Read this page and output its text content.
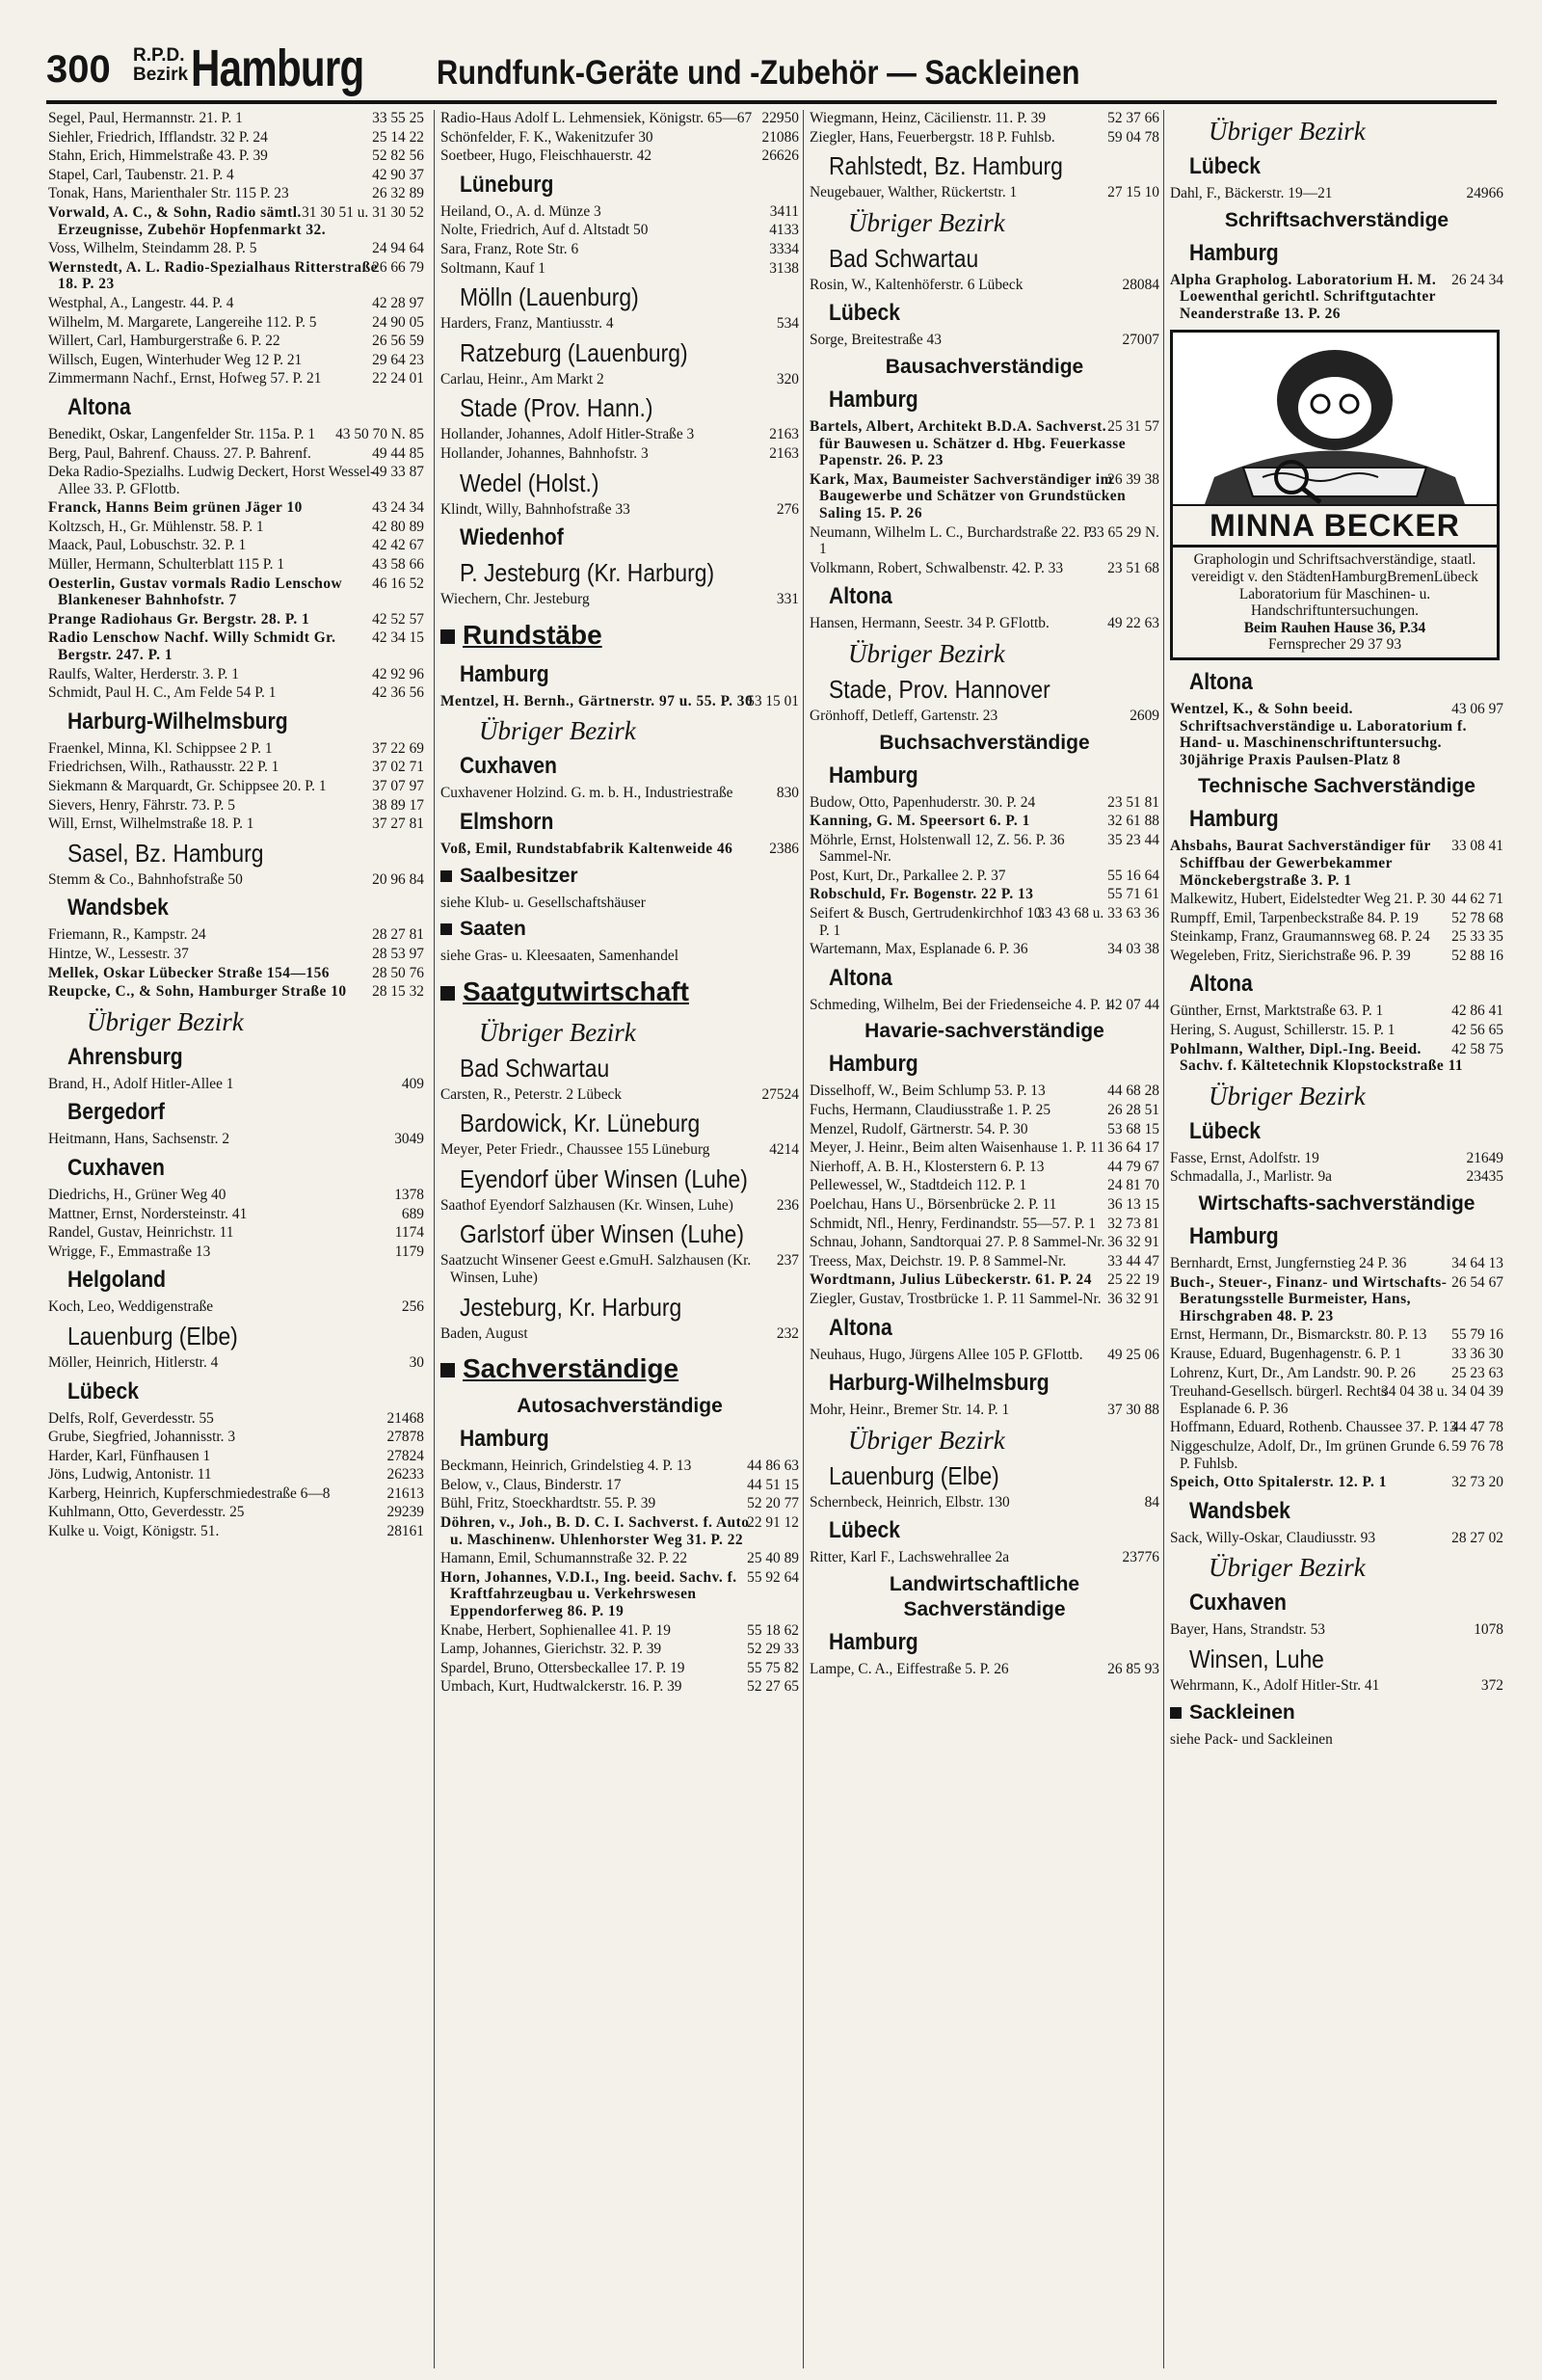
300 R.P.D.
Bezirk Hamburg Rundfunk-Geräte und -Zubehör — Sackleinen
33 55 25
Segel, Paul, Hermannstr. 21. P. 1
25 14 22
Siehler, Friedrich, Ifflandstr. 32 P. 24
52 82 56
Stahn, Erich, Himmelstraße 43. P. 39
42 90 37
Stapel, Carl, Taubenstr. 21. P. 4
26 32 89
Tonak, Hans, Marienthaler Str. 115 P. 23
31 30 51 u. 31 30 52
Vorwald, A. C., & Sohn, Radio sämtl. Erzeugnisse, Zubehör Hopfenmarkt 32.
24 94 64
Voss, Wilhelm, Steindamm 28. P. 5
26 66 79
Wernstedt, A. L. Radio-Spezialhaus Ritterstraße 18. P. 23
42 28 97
Westphal, A., Langestr. 44. P. 4
24 90 05
Wilhelm, M. Margarete, Langereihe 112. P. 5
26 56 59
Willert, Carl, Hamburgerstraße 6. P. 22
29 64 23
Willsch, Eugen, Winterhuder Weg 12 P. 21
22 24 01
Zimmermann Nachf., Ernst, Hofweg 57. P. 21
Altona
43 50 70 N. 85
Benedikt, Oskar, Langenfelder Str. 115a. P. 1
49 44 85
Berg, Paul, Bahrenf. Chauss. 27. P. Bahrenf.
49 33 87
Deka Radio-Spezialhs. Ludwig Deckert, Horst Wessel-Allee 33. P. GFlottb.
43 24 34
Franck, Hanns Beim grünen Jäger 10
42 80 89
Koltzsch, H., Gr. Mühlenstr. 58. P. 1
42 42 67
Maack, Paul, Lobuschstr. 32. P. 1
43 58 66
Müller, Hermann, Schulterblatt 115 P. 1
46 16 52
Oesterlin, Gustav vormals Radio Lenschow Blankeneser Bahnhofstr. 7
42 52 57
Prange Radiohaus Gr. Bergstr. 28. P. 1
42 34 15
Radio Lenschow Nachf. Willy Schmidt Gr. Bergstr. 247. P. 1
42 92 96
Raulfs, Walter, Herderstr. 3. P. 1
42 36 56
Schmidt, Paul H. C., Am Felde 54 P. 1
Harburg-Wilhelmsburg
37 22 69
Fraenkel, Minna, Kl. Schippsee 2 P. 1
37 02 71
Friedrichsen, Wilh., Rathausstr. 22 P. 1
37 07 97
Siekmann & Marquardt, Gr. Schippsee 20. P. 1
38 89 17
Sievers, Henry, Fährstr. 73. P. 5
37 27 81
Will, Ernst, Wilhelmstraße 18. P. 1
Sasel, Bz. Hamburg
20 96 84
Stemm & Co., Bahnhofstraße 50
Wandsbek
28 27 81
Friemann, R., Kampstr. 24
28 53 97
Hintze, W., Lessestr. 37
28 50 76
Mellek, Oskar Lübecker Straße 154—156
28 15 32
Reupcke, C., & Sohn, Hamburger Straße 10
Übriger Bezirk
Ahrensburg
409
Brand, H., Adolf Hitler-Allee 1
Bergedorf
3049
Heitmann, Hans, Sachsenstr. 2
Cuxhaven
1378
Diedrichs, H., Grüner Weg 40
689
Mattner, Ernst, Nordersteinstr. 41
1174
Randel, Gustav, Heinrichstr. 11
1179
Wrigge, F., Emmastraße 13
Helgoland
256
Koch, Leo, Weddigenstraße
Lauenburg (Elbe)
30
Möller, Heinrich, Hitlerstr. 4
Lübeck
21468
Delfs, Rolf, Geverdesstr. 55
27878
Grube, Siegfried, Johannisstr. 3
27824
Harder, Karl, Fünfhausen 1
26233
Jöns, Ludwig, Antonistr. 11
21613
Karberg, Heinrich, Kupferschmiedestraße 6—8
29239
Kuhlmann, Otto, Geverdesstr. 25
28161
Kulke u. Voigt, Königstr. 51.
22950
Radio-Haus Adolf L. Lehmensiek, Königstr. 65—67
21086
Schönfelder, F. K., Wakenitzufer 30
26626
Soetbeer, Hugo, Fleischhauerstr. 42
Lüneburg
3411
Heiland, O., A. d. Münze 3
4133
Nolte, Friedrich, Auf d. Altstadt 50
3334
Sara, Franz, Rote Str. 6
3138
Soltmann, Kauf 1
Mölln (Lauenburg)
534
Harders, Franz, Mantiusstr. 4
Ratzeburg (Lauenburg)
320
Carlau, Heinr., Am Markt 2
Stade (Prov. Hann.)
2163
Hollander, Johannes, Adolf Hitler-Straße 3
2163
Hollander, Johannes, Bahnhofstr. 3
Wedel (Holst.)
276
Klindt, Willy, Bahnhofstraße 33
Wiedenhof
P. Jesteburg (Kr. Harburg)
331
Wiechern, Chr. Jesteburg
Rundstäbe
Hamburg
53 15 01
Mentzel, H. Bernh., Gärtnerstr. 97 u. 55. P. 30
Übriger Bezirk
Cuxhaven
830
Cuxhavener Holzind. G. m. b. H., Industriestraße
Elmshorn
2386
Voß, Emil, Rundstabfabrik Kaltenweide 46
Saalbesitzer
siehe Klub- u. Gesellschaftshäuser
Saaten
siehe Gras- u. Kleesaaten, Samenhandel
Saatgutwirtschaft
Übriger Bezirk
Bad Schwartau
27524
Carsten, R., Peterstr. 2 Lübeck
Bardowick, Kr. Lüneburg
4214
Meyer, Peter Friedr., Chaussee 155 Lüneburg
Eyendorf über Winsen (Luhe)
236
Saathof Eyendorf Salzhausen (Kr. Winsen, Luhe)
Garlstorf über Winsen (Luhe)
237
Saatzucht Winsener Geest e.GmuH. Salzhausen (Kr. Winsen, Luhe)
Jesteburg, Kr. Harburg
232
Baden, August
Sachverständige
Autosachverständige
Hamburg
44 86 63
Beckmann, Heinrich, Grindelstieg 4. P. 13
44 51 15
Below, v., Claus, Binderstr. 17
52 20 77
Bühl, Fritz, Stoeckhardtstr. 55. P. 39
22 91 12
Döhren, v., Joh., B. D. C. I. Sachverst. f. Auto u. Maschinenw. Uhlenhorster Weg 31. P. 22
25 40 89
Hamann, Emil, Schumannstraße 32. P. 22
55 92 64
Horn, Johannes, V.D.I., Ing. beeid. Sachv. f. Kraftfahrzeugbau u. Verkehrswesen Eppendorferweg 86. P. 19
55 18 62
Knabe, Herbert, Sophienallee 41. P. 19
52 29 33
Lamp, Johannes, Gierichstr. 32. P. 39
55 75 82
Spardel, Bruno, Ottersbeckallee 17. P. 19
52 27 65
Umbach, Kurt, Hudtwalckerstr. 16. P. 39
52 37 66
Wiegmann, Heinz, Cäcilienstr. 11. P. 39
59 04 78
Ziegler, Hans, Feuerbergstr. 18 P. Fuhlsb.
Rahlstedt, Bz. Hamburg
27 15 10
Neugebauer, Walther, Rückertstr. 1
Übriger Bezirk
Bad Schwartau
28084
Rosin, W., Kaltenhöferstr. 6 Lübeck
Lübeck
27007
Sorge, Breitestraße 43
Bausachverständige
Hamburg
25 31 57
Bartels, Albert, Architekt B.D.A. Sachverst. für Bauwesen u. Schätzer d. Hbg. Feuerkasse Papenstr. 26. P. 23
26 39 38
Kark, Max, Baumeister Sachverständiger im Baugewerbe und Schätzer von Grundstücken Saling 15. P. 26
33 65 29 N.
Neumann, Wilhelm L. C., Burchardstraße 22. P. 1
23 51 68
Volkmann, Robert, Schwalbenstr. 42. P. 33
Altona
49 22 63
Hansen, Hermann, Seestr. 34 P. GFlottb.
Übriger Bezirk
Stade, Prov. Hannover
2609
Grönhoff, Detleff, Gartenstr. 23
Buchsachverständige
Hamburg
23 51 81
Budow, Otto, Papenhuderstr. 30. P. 24
32 61 88
Kanning, G. M. Speersort 6. P. 1
35 23 44
Möhrle, Ernst, Holstenwall 12, Z. 56. P. 36 Sammel-Nr.
55 16 64
Post, Kurt, Dr., Parkallee 2. P. 37
55 71 61
Robschuld, Fr. Bogenstr. 22 P. 13
33 43 68 u. 33 63 36
Seifert & Busch, Gertrudenkirchhof 10. P. 1
34 03 38
Wartemann, Max, Esplanade 6. P. 36
Altona
42 07 44
Schmeding, Wilhelm, Bei der Friedenseiche 4. P. 1
Havarie-sachverständige
Hamburg
44 68 28
Disselhoff, W., Beim Schlump 53. P. 13
26 28 51
Fuchs, Hermann, Claudiusstraße 1. P. 25
53 68 15
Menzel, Rudolf, Gärtnerstr. 54. P. 30
36 64 17
Meyer, J. Heinr., Beim alten Waisenhause 1. P. 11
44 79 67
Nierhoff, A. B. H., Klosterstern 6. P. 13
24 81 70
Pellewessel, W., Stadtdeich 112. P. 1
36 13 15
Poelchau, Hans U., Börsenbrücke 2. P. 11
32 73 81
Schmidt, Nfl., Henry, Ferdinandstr. 55—57. P. 1
36 32 91
Schnau, Johann, Sandtorquai 27. P. 8 Sammel-Nr.
33 44 47
Treess, Max, Deichstr. 19. P. 8 Sammel-Nr.
25 22 19
Wordtmann, Julius Lübeckerstr. 61. P. 24
36 32 91
Ziegler, Gustav, Trostbrücke 1. P. 11 Sammel-Nr.
Altona
49 25 06
Neuhaus, Hugo, Jürgens Allee 105 P. GFlottb.
Harburg-Wilhelmsburg
37 30 88
Mohr, Heinr., Bremer Str. 14. P. 1
Übriger Bezirk
Lauenburg (Elbe)
84
Schernbeck, Heinrich, Elbstr. 130
Lübeck
23776
Ritter, Karl F., Lachswehrallee 2a
Landwirtschaftliche Sachverständige
Hamburg
26 85 93
Lampe, C. A., Eiffestraße 5. P. 26
Übriger Bezirk
Lübeck
24966
Dahl, F., Bäckerstr. 19—21
Schriftsachverständige
Hamburg
26 24 34
Alpha Grapholog. Laboratorium H. M. Loewenthal gerichtl. Schriftgutachter Neanderstraße 13. P. 26
MINNA BECKER
Graphologin und Schriftsachverständige, staatl. vereidigt v. den StädtenHamburgBremenLübeck
Laboratorium für Maschinen- u. Handschriftuntersuchungen.
Beim Rauhen Hause 36, P.34
Fernsprecher 29 37 93
Altona
43 06 97
Wentzel, K., & Sohn beeid. Schriftsachverständige u. Laboratorium f. Hand- u. Maschinenschriftuntersuchg. 30jährige Praxis Paulsen-Platz 8
Technische Sachverständige
Hamburg
33 08 41
Ahsbahs, Baurat Sachverständiger für Schiffbau der Gewerbekammer Mönckebergstraße 3. P. 1
44 62 71
Malkewitz, Hubert, Eidelstedter Weg 21. P. 30
52 78 68
Rumpff, Emil, Tarpenbeckstraße 84. P. 19
25 33 35
Steinkamp, Franz, Graumannsweg 68. P. 24
52 88 16
Wegeleben, Fritz, Sierichstraße 96. P. 39
Altona
42 86 41
Günther, Ernst, Marktstraße 63. P. 1
42 56 65
Hering, S. August, Schillerstr. 15. P. 1
42 58 75
Pohlmann, Walther, Dipl.-Ing. Beeid. Sachv. f. Kältetechnik Klopstockstraße 11
Übriger Bezirk
Lübeck
21649
Fasse, Ernst, Adolfstr. 19
23435
Schmadalla, J., Marlistr. 9a
Wirtschafts-sachverständige
Hamburg
34 64 13
Bernhardt, Ernst, Jungfernstieg 24 P. 36
26 54 67
Buch-, Steuer-, Finanz- und Wirtschafts-Beratungsstelle Burmeister, Hans, Hirschgraben 48. P. 23
55 79 16
Ernst, Hermann, Dr., Bismarckstr. 80. P. 13
33 36 30
Krause, Eduard, Bugenhagenstr. 6. P. 1
25 23 63
Lohrenz, Kurt, Dr., Am Landstr. 90. P. 26
34 04 38 u. 34 04 39
Treuhand-Gesellsch. bürgerl. Rechts Esplanade 6. P. 36
44 47 78
Hoffmann, Eduard, Rothenb. Chaussee 37. P. 13
59 76 78
Niggeschulze, Adolf, Dr., Im grünen Grunde 6. P. Fuhlsb.
32 73 20
Speich, Otto Spitalerstr. 12. P. 1
Wandsbek
28 27 02
Sack, Willy-Oskar, Claudiusstr. 93
Übriger Bezirk
Cuxhaven
1078
Bayer, Hans, Strandstr. 53
Winsen, Luhe
372
Wehrmann, K., Adolf Hitler-Str. 41
Sackleinen
siehe Pack- und Sackleinen
